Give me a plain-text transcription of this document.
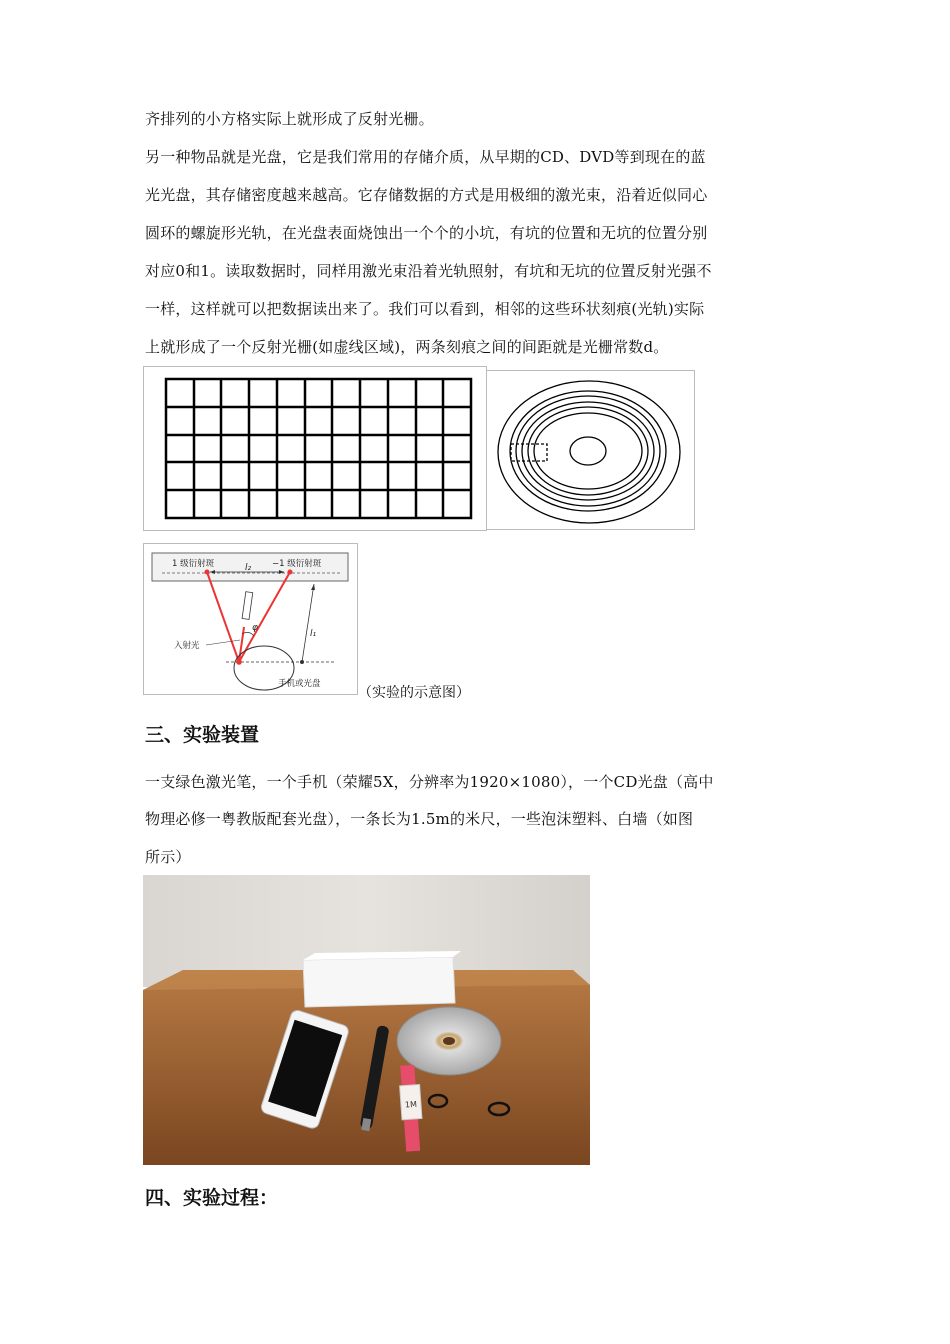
齐排列的小方格实际上就形成了反射光栅。
另一种物品就是光盘，它是我们常用的存储介质，从早期的CD、DVD等到现在的蓝
光光盘，其存储密度越来越高。它存储数据的方式是用极细的激光束，沿着近似同心
圆环的螺旋形光轨，在光盘表面烧蚀出一个个的小坑，有坑的位置和无坑的位置分别
对应0和1。读取数据时，同样用激光束沿着光轨照射，有坑和无坑的位置反射光强不
一样，这样就可以把数据读出来了。我们可以看到，相邻的这些环状刻痕(光轨)实际
上就形成了一个反射光栅(如虚线区域)，两条刻痕之间的间距就是光栅常数d。
1 级衍射斑	−1 级衍射斑
l₂
φ
l₁
入射光
手机或光盘
（实验的示意图）
三、实验装置
一支绿色激光笔，一个手机（荣耀5X，分辨率为1920×1080），一个CD光盘（高中
物理必修一粤教版配套光盘），一条长为1.5m的米尺，一些泡沫塑料、白墙（如图
所示）
1M
四、实验过程：
